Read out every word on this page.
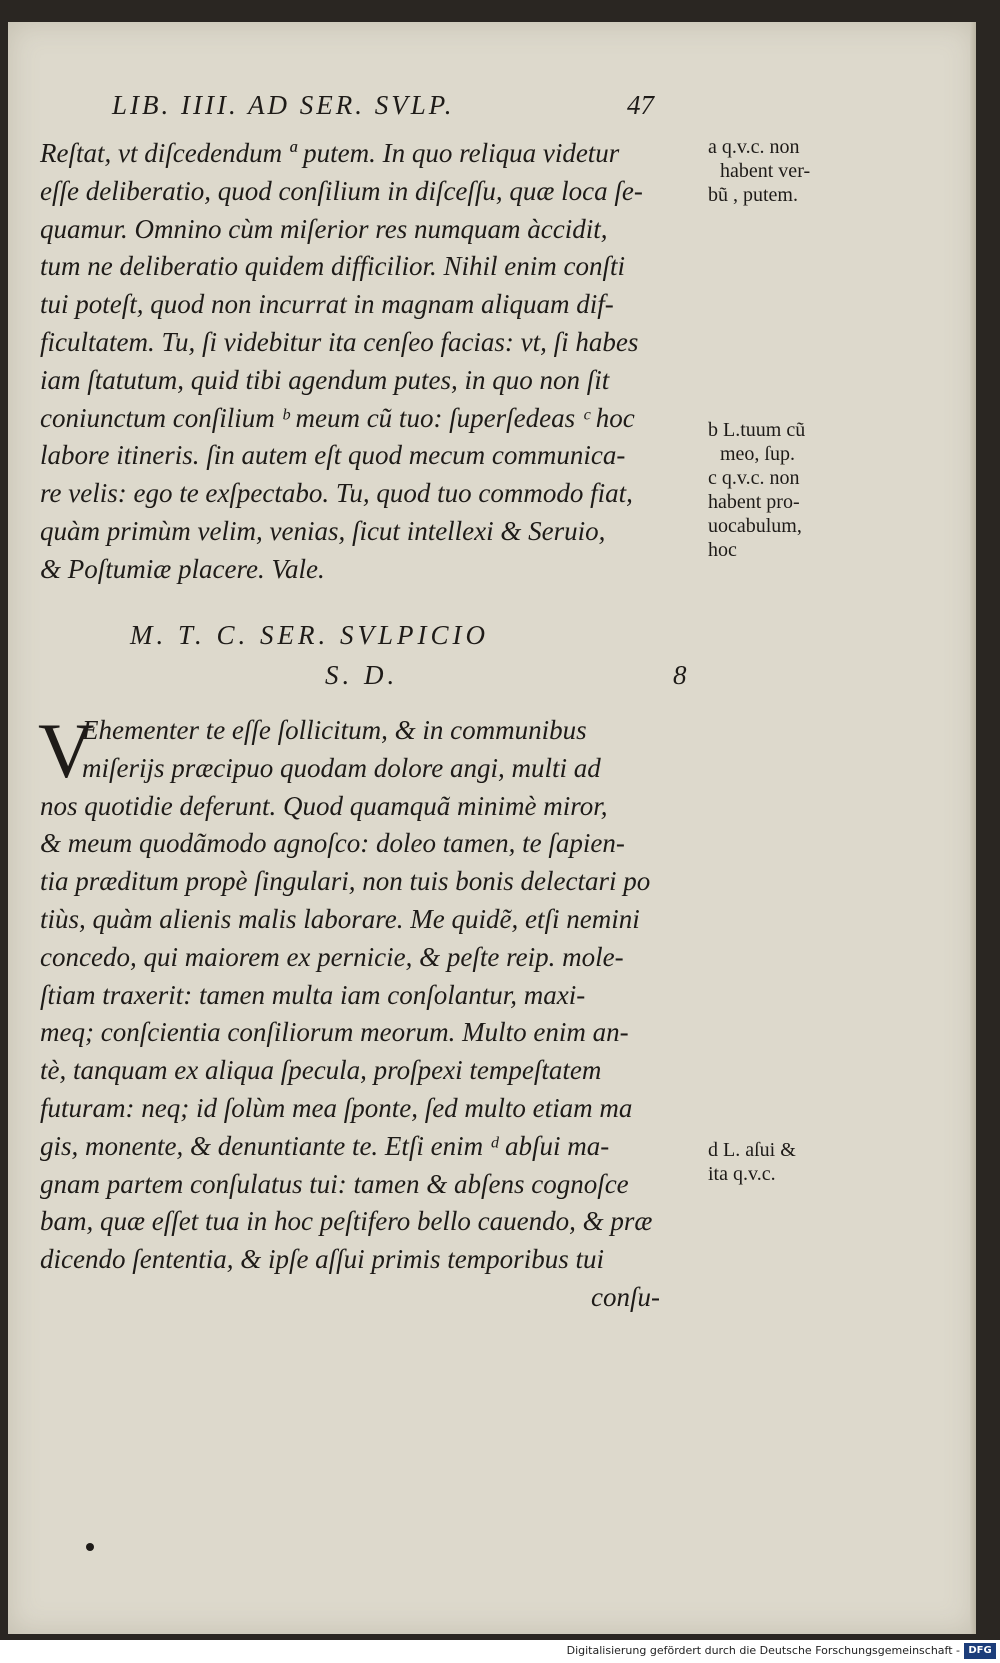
LIB. IIII. AD SER. SVLP.	47
Reſtat, vt diſcedendum ª putem. In quo reliqua videtur
eſſe deliberatio, quod conſilium in diſceſſu, quæ loca ſe-
quamur. Omnino cùm miſerior res numquam àccidit,
tum ne deliberatio quidem difficilior. Nihil enim conſti
tui poteſt, quod non incurrat in magnam aliquam dif-
ficultatem. Tu, ſi videbitur ita cenſeo facias: vt, ſi habes
iam ſtatutum, quid tibi agendum putes, in quo non ſit
coniunctum conſilium ᵇ meum cũ tuo: ſuperſedeas ᶜ hoc
labore itineris. ſin autem eſt quod mecum communica-
re velis: ego te exſpectabo. Tu, quod tuo commodo fiat,
quàm primùm velim, venias, ſicut intellexi & Seruio,
& Poſtumiæ placere. Vale.
M. T. C. SER. SVLPICIO
S. D.	8
V
Ehementer te eſſe ſollicitum, & in communibus
miſerijs præcipuo quodam dolore angi, multi ad
nos quotidie deferunt. Quod quamquã minimè miror,
& meum quodãmodo agnoſco: doleo tamen, te ſapien-
tia præditum propè ſingulari, non tuis bonis delectari po
tiùs, quàm alienis malis laborare. Me quidẽ, etſi nemini
concedo, qui maiorem ex pernicie, & peſte reip. mole-
ſtiam traxerit: tamen multa iam conſolantur, maxi-
meq; conſcientia conſiliorum meorum. Multo enim an-
tè, tanquam ex aliqua ſpecula, proſpexi tempeſtatem
futuram: neq; id ſolùm mea ſponte, ſed multo etiam ma
gis, monente, & denuntiante te. Etſi enim ᵈ abſui ma-
gnam partem conſulatus tui: tamen & abſens cognoſce
bam, quæ eſſet tua in hoc peſtifero bello cauendo, & præ
dicendo ſententia, & ipſe aſſui primis temporibus tui
conſu-
a q.v.c. non
habent ver-
bũ , putem.
b L.tuum cũ
meo, ſup.
c q.v.c. non
habent pro-
uocabulum,
hoc
d L. aſui &
ita q.v.c.
Digitalisierung gefördert durch die Deutsche Forschungsgemeinschaft - DFG
